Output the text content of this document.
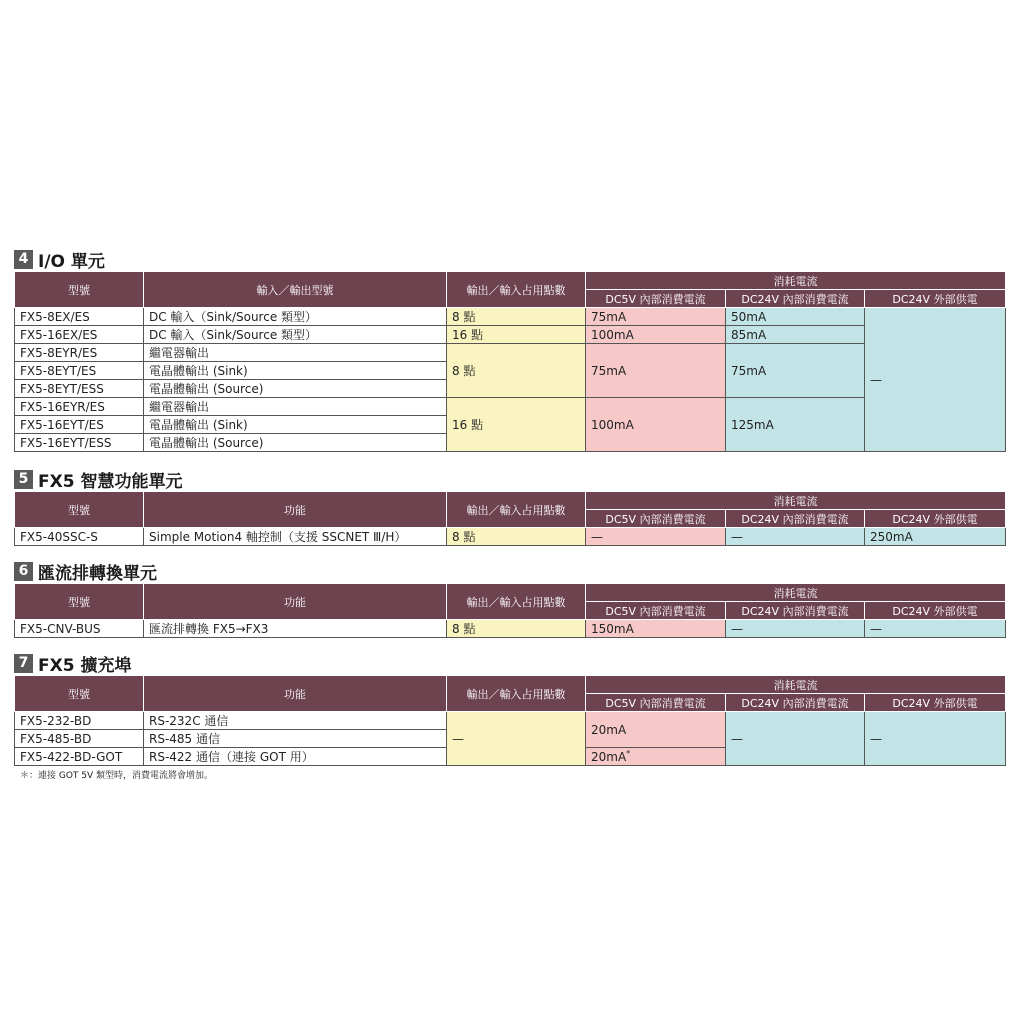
4 I/O 單元
型號	輸入／輸出型號	輸出／輸入占用點數	消耗電流		
			DC5V 內部消費電流	DC24V 內部消費電流	DC24V 外部供電
FX5-8EX/ES	DC 輸入（Sink/Source 類型）	8 點	75mA	50mA	—
FX5-16EX/ES	DC 輸入（Sink/Source 類型）	16 點	100mA	85mA	
FX5-8EYR/ES	繼電器輸出	8 點	75mA	75mA	
FX5-8EYT/ES	電晶體輸出 (Sink)				
FX5-8EYT/ESS	電晶體輸出 (Source)				
FX5-16EYR/ES	繼電器輸出	16 點	100mA	125mA	
FX5-16EYT/ES	電晶體輸出 (Sink)				
FX5-16EYT/ESS	電晶體輸出 (Source)				
5 FX5 智慧功能單元
型號	功能	輸出／輸入占用點數	消耗電流		
			DC5V 內部消費電流	DC24V 內部消費電流	DC24V 外部供電
FX5-40SSC-S	Simple Motion4 軸控制（支援 SSCNET Ⅲ/H）	8 點	—	—	250mA
6 匯流排轉換單元
型號	功能	輸出／輸入占用點數	消耗電流		
			DC5V 內部消費電流	DC24V 內部消費電流	DC24V 外部供電
FX5-CNV-BUS	匯流排轉換 FX5→FX3	8 點	150mA	—	—
7 FX5 擴充埠
型號	功能	輸出／輸入占用點數	消耗電流		
			DC5V 內部消費電流	DC24V 內部消費電流	DC24V 外部供電
FX5-232-BD	RS-232C 通信	—	20mA	—	—
FX5-485-BD	RS-485 通信				
FX5-422-BD-GOT	RS-422 通信（連接 GOT 用）		20mA*
＊：連接 GOT 5V 類型時，消費電流將會增加。
